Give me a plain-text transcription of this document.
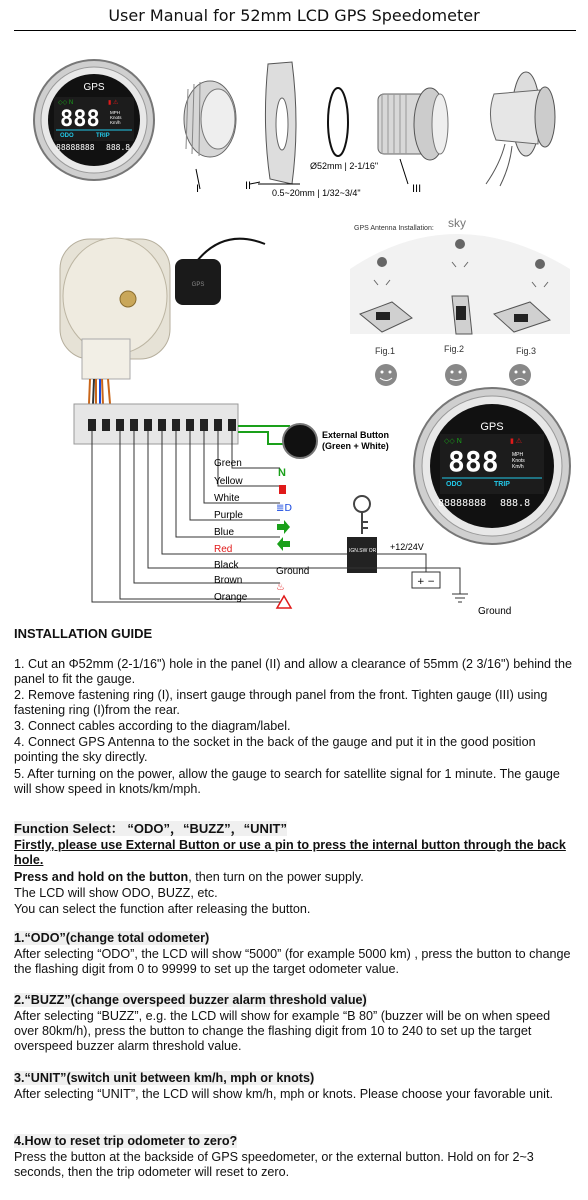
User Manual for 52mm LCD GPS Speedometer
GPS
◇◇ N	▮ ⚠
888 MPH
Knots
Km/h
ODO	TRIP
88888888 888.8
I	II	III
Ø52mm | 2-1/16"
0.5~20mm | 1/32~3/4"
GPS
GPS Antenna Installation: sky
Fig.1	Fig.2	Fig.3
External Button
(Green + White)
Green
Yellow
White
Purple
Blue
Red
Black
Brown
Orange
N
≣D
Ground
♨
IGN.SW OR SEP.SW
+12/24V
+ −
Ground
GPS
◇◇ N	▮ ⚠
888	MPH
Knots
Km/h
ODO	TRIP
88888888 888.8
INSTALLATION GUIDE
1. Cut an Φ52mm (2-1/16") hole in the panel (II) and allow a clearance of 55mm (2 3/16") behind the panel to fit the gauge.
2. Remove fastening ring (I), insert gauge through panel from the front. Tighten gauge (III) using fastening ring (I)from the rear.
3. Connect cables according to the diagram/label.
4. Connect GPS Antenna to the socket in the back of the gauge and put it in the good position pointing the sky directly.
5. After turning on the power, allow the gauge to search for satellite signal for 1 minute. The gauge will show speed in knots/km/mph.
Function Select： “ODO”，“BUZZ”，“UNIT”
Firstly, please use External Button or use a pin to press the internal button through the back hole.
Press and hold on the button, then turn on the power supply.
The LCD will show ODO, BUZZ, etc.
You can select the function after releasing the button.
1.“ODO”(change total odometer)
After selecting “ODO”, the LCD will show “5000” (for example 5000 km) , press the button to change the flashing digit from 0 to 99999 to set up the target odometer value.
2.“BUZZ”(change overspeed buzzer alarm threshold value)
After selecting “BUZZ”, e.g. the LCD will show for example “B 80” (buzzer will be on when speed over 80km/h), press the button to change the flashing digit from 10 to 240 to set up the target overspeed buzzer alarm threshold value.
3.“UNIT”(switch unit between km/h, mph or knots)
After selecting “UNIT”, the LCD will show km/h, mph or knots. Please choose your favorable unit.
4.How to reset trip odometer to zero?
Press the button at the backside of GPS speedometer, or the external button. Hold on for 2~3 seconds, then the trip odometer will reset to zero.
